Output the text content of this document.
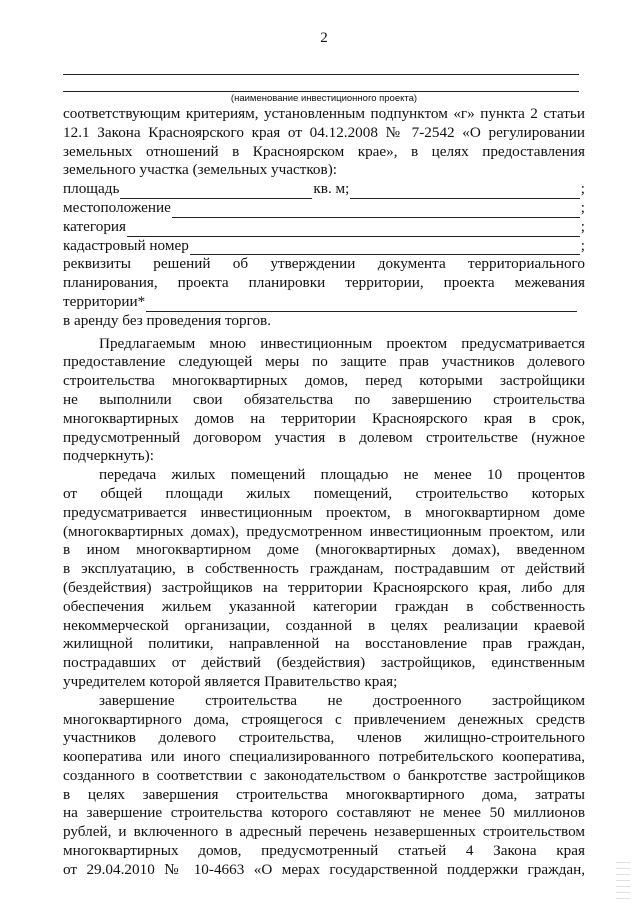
2
(наименование инвестиционного проекта)
соответствующим критериям, установленным подпунктом «г» пункта 2 статьи
12.1 Закона Красноярского края от 04.12.2008 № 7-2542 «О регулировании
земельных отношений в Красноярском крае», в целях предоставления
земельного участка (земельных участков):
площадь	кв. м;	;
местоположение	;
категория	;
кадастровый номер	;
реквизиты решений об утверждении документа территориального
планирования, проекта планировки территории, проекта межевания
территории*
в аренду без проведения торгов.
Предлагаемым мною инвестиционным проектом предусматривается
предоставление следующей меры по защите прав участников долевого
строительства многоквартирных домов, перед которыми застройщики
не выполнили свои обязательства по завершению строительства
многоквартирных домов на территории Красноярского края в срок,
предусмотренный договором участия в долевом строительстве (нужное
подчеркнуть):
передача жилых помещений площадью не менее 10 процентов
от общей площади жилых помещений, строительство которых
предусматривается инвестиционным проектом, в многоквартирном доме
(многоквартирных домах), предусмотренном инвестиционным проектом, или
в ином многоквартирном доме (многоквартирных домах), введенном
в эксплуатацию, в собственность гражданам, пострадавшим от действий
(бездействия) застройщиков на территории Красноярского края, либо для
обеспечения жильем указанной категории граждан в собственность
некоммерческой организации, созданной в целях реализации краевой
жилищной политики, направленной на восстановление прав граждан,
пострадавших от действий (бездействия) застройщиков, единственным
учредителем которой является Правительство края;
завершение строительства не достроенного застройщиком
многоквартирного дома, строящегося с привлечением денежных средств
участников долевого строительства, членов жилищно-строительного
кооператива или иного специализированного потребительского кооператива,
созданного в соответствии с законодательством о банкротстве застройщиков
в целях завершения строительства многоквартирного дома, затраты
на завершение строительства которого составляют не менее 50 миллионов
рублей, и включенного в адресный перечень незавершенных строительством
многоквартирных домов, предусмотренный статьей 4 Закона края
от 29.04.2010 № 10-4663 «О мерах государственной поддержки граждан,
